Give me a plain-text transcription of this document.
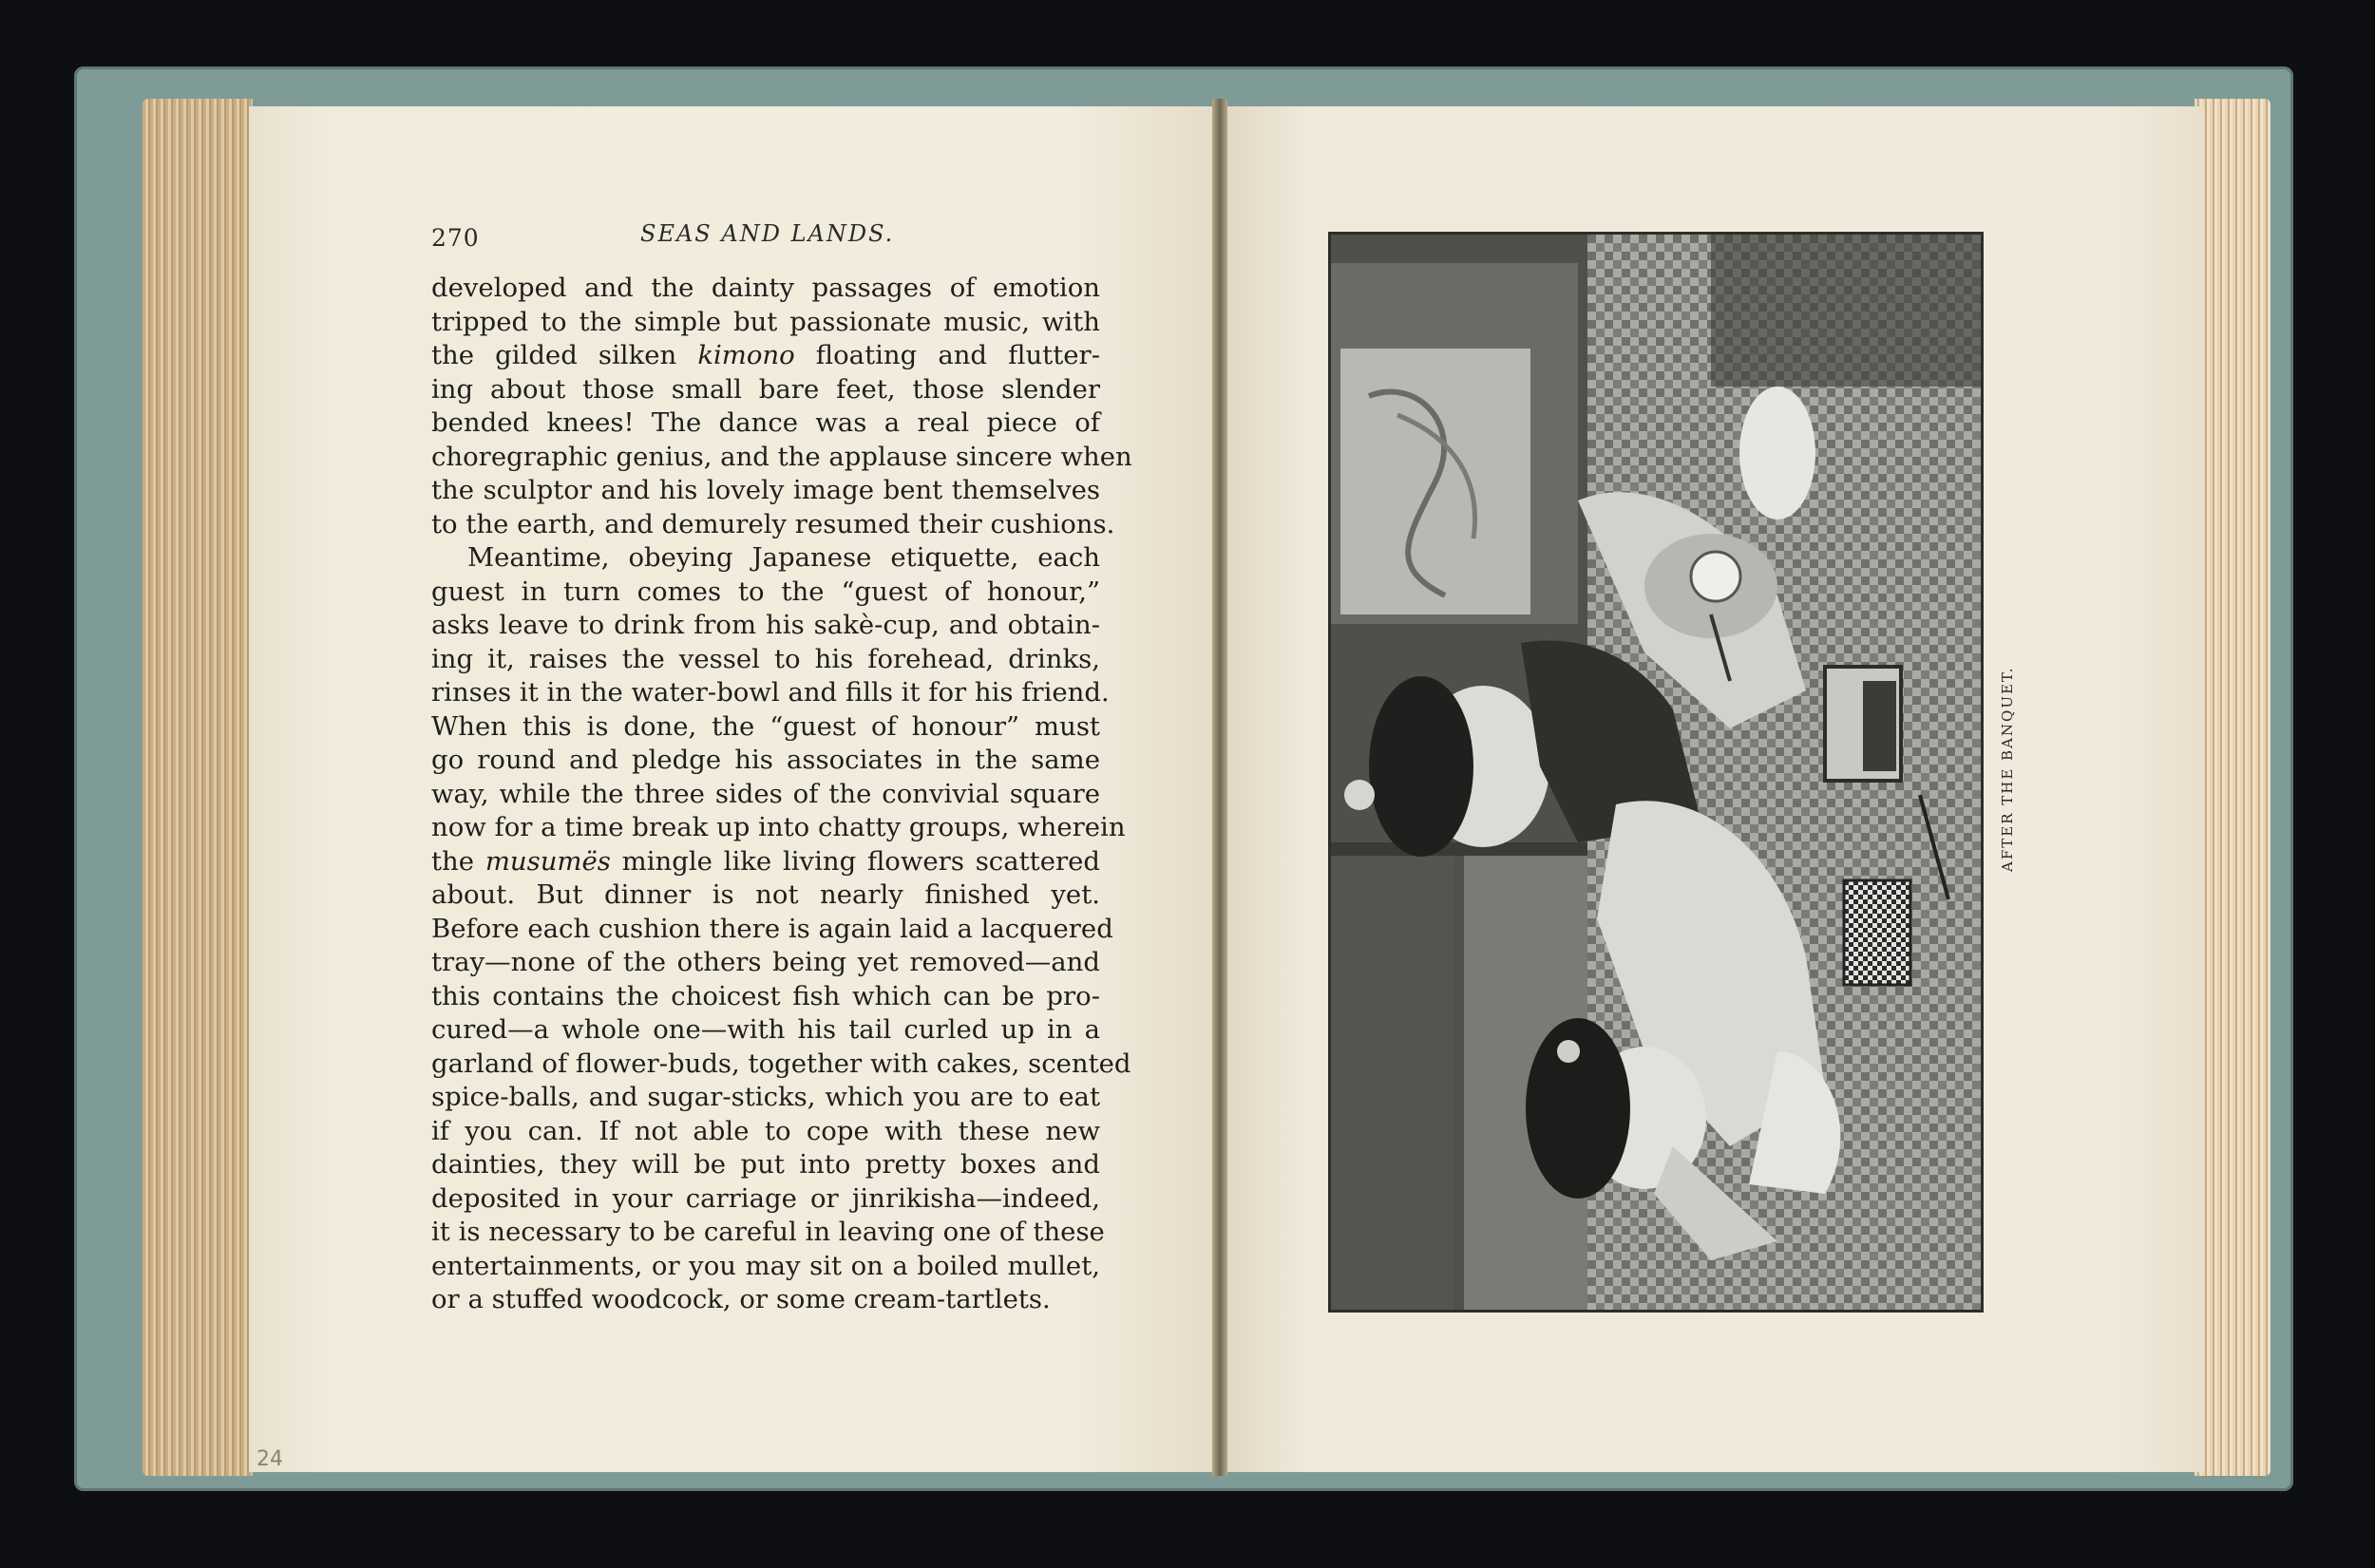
270	SEAS AND LANDS.
developed and the dainty passages of emotion
tripped to the simple but passionate music, with
the gilded silken kimono floating and flutter-
ing about those small bare feet, those slender
bended knees! The dance was a real piece of
choregraphic genius, and the applause sincere when
the sculptor and his lovely image bent themselves
to the earth, and demurely resumed their cushions.
Meantime, obeying Japanese etiquette, each
guest in turn comes to the “guest of honour,”
asks leave to drink from his sakè-cup, and obtain-
ing it, raises the vessel to his forehead, drinks,
rinses it in the water-bowl and fills it for his friend.
When this is done, the “guest of honour” must
go round and pledge his associates in the same
way, while the three sides of the convivial square
now for a time break up into chatty groups, wherein
the musumës mingle like living flowers scattered
about. But dinner is not nearly finished yet.
Before each cushion there is again laid a lacquered
tray—none of the others being yet removed—and
this contains the choicest fish which can be pro-
cured—a whole one—with his tail curled up in a
garland of flower-buds, together with cakes, scented
spice-balls, and sugar-sticks, which you are to eat
if you can. If not able to cope with these new
dainties, they will be put into pretty boxes and
deposited in your carriage or jinrikisha—indeed,
it is necessary to be careful in leaving one of these
entertainments, or you may sit on a boiled mullet,
or a stuffed woodcock, or some cream-tartlets.
AFTER THE BANQUET.
24
